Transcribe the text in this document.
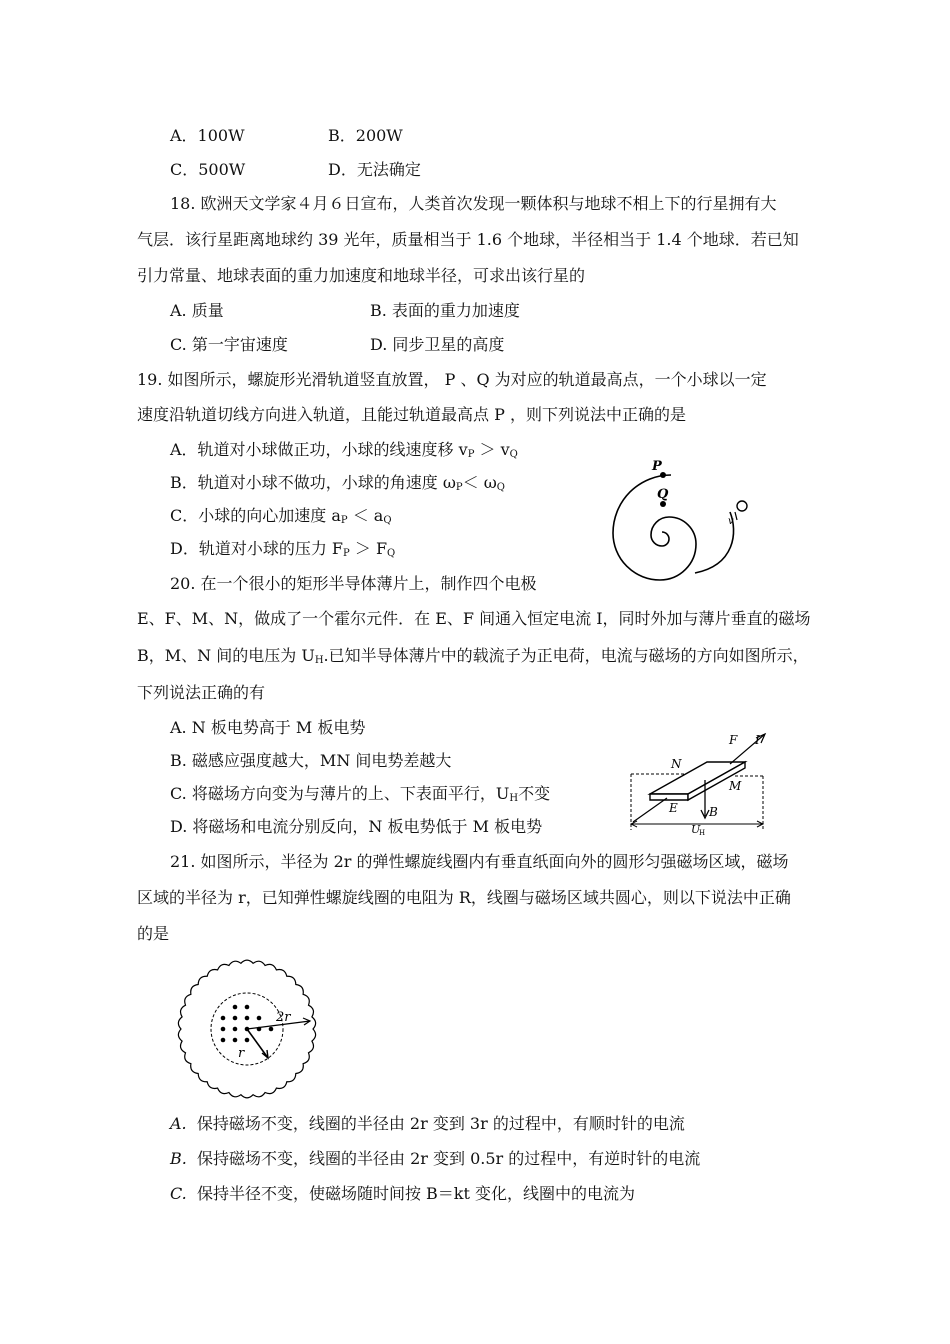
A．100W	B．200W
C．500W	D．无法确定
18. 欧洲天文学家４月６日宣布，人类首次发现一颗体积与地球不相上下的行星拥有大
气层．该行星距离地球约 39 光年，质量相当于 1.6 个地球，半径相当于 1.4 个地球．若已知
引力常量、地球表面的重力加速度和地球半径，可求出该行星的
A. 质量	B. 表面的重力加速度
C. 第一宇宙速度	D. 同步卫星的高度
19. 如图所示，螺旋形光滑轨道竖直放置， P 、Q 为对应的轨道最高点，一个小球以一定
速度沿轨道切线方向进入轨道，且能过轨道最高点 P ，则下列说法中正确的是
A．轨道对小球做正功，小球的线速度移 $v_P > v_Q$
B．轨道对小球不做功，小球的角速度 $\omega_P< \omega_Q$
C．小球的向心加速度 $a_P < a_Q$
D．轨道对小球的压力 $F_P > F_Q$
P
Q
v
20. 在一个很小的矩形半导体薄片上，制作四个电极
E、F、M、N，做成了一个霍尔元件．在 E、F 间通入恒定电流 I，同时外加与薄片垂直的磁场
B，M、N 间的电压为 $U_H$.已知半导体薄片中的载流子为正电荷，电流与磁场的方向如图所示，
下列说法正确的有
A. N 板电势高于 M 板电势
B. 磁感应强度越大，MN 间电势差越大
C. 将磁场方向变为与薄片的上、下表面平行，$U_H$不变
D. 将磁场和电流分别反向，N 板电势低于 M 板电势
F I
N
M
E	B
U
H
21. 如图所示，半径为 2r 的弹性螺旋线圈内有垂直纸面向外的圆形匀强磁场区域，磁场
区域的半径为 r，已知弹性螺旋线圈的电阻为 R，线圈与磁场区域共圆心，则以下说法中正确
的是
2r
r
A. 保持磁场不变，线圈的半径由 2r 变到 3r 的过程中，有顺时针的电流
B. 保持磁场不变，线圈的半径由 2r 变到 0.5r 的过程中，有逆时针的电流
C. 保持半径不变，使磁场随时间按 B＝kt 变化，线圈中的电流为
